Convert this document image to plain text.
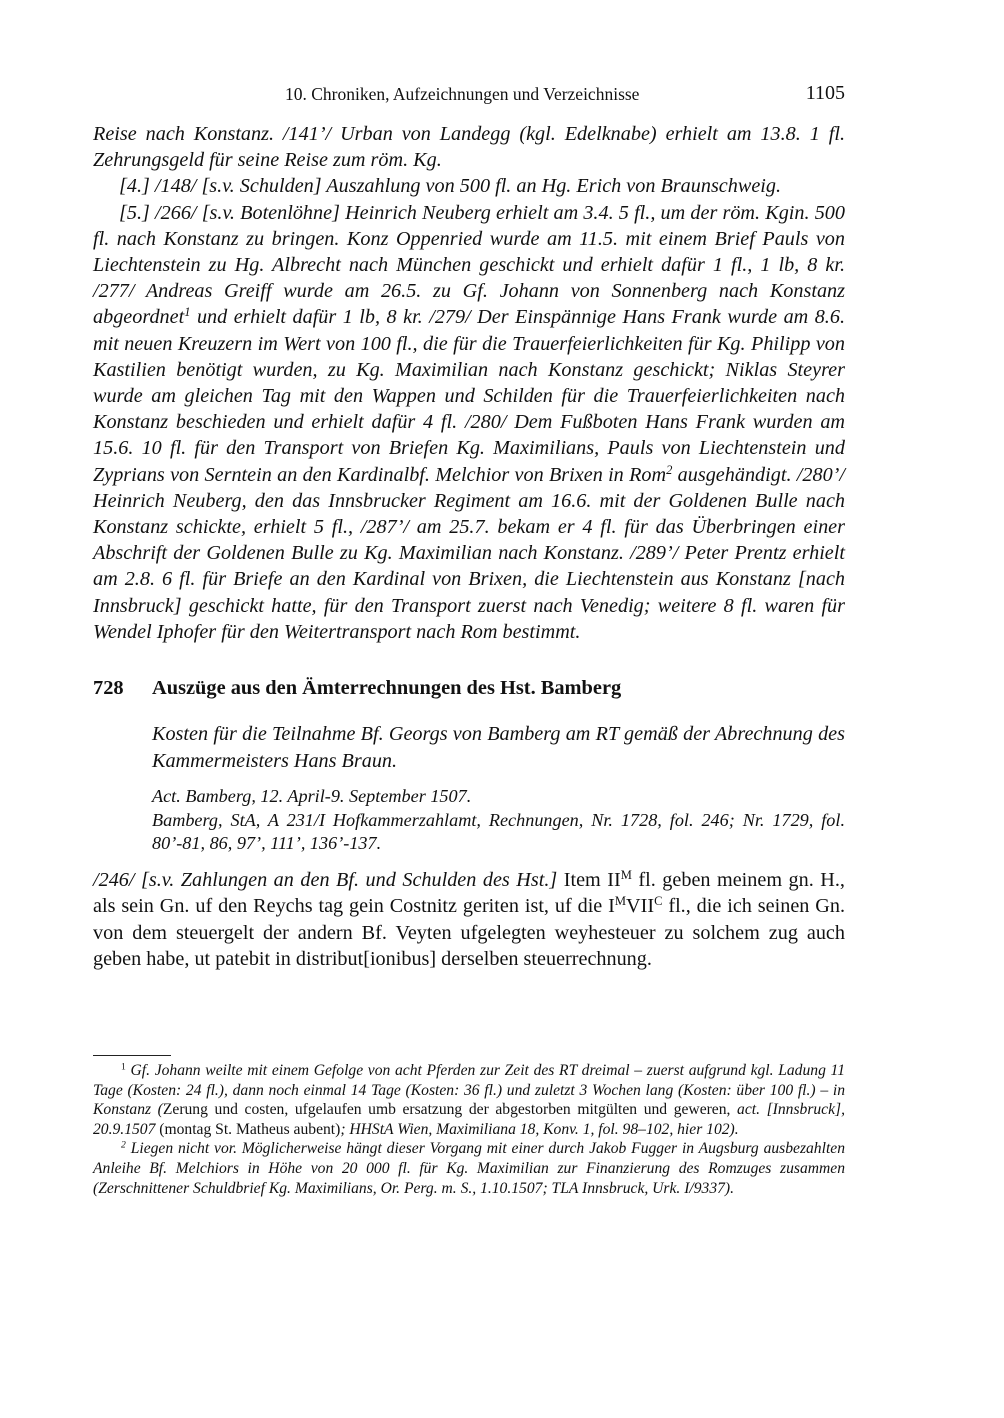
10. Chroniken, Aufzeichnungen und Verzeichnisse	1105

Reise nach Konstanz. /141’/ Urban von Landegg (kgl. Edelknabe) erhielt am 13.8. 1 fl. Zehrungsgeld für seine Reise zum röm. Kg.

[4.] /148/ [s.v. Schulden] Auszahlung von 500 fl. an Hg. Erich von Braunschweig.

[5.] /266/ [s.v. Botenlöhne] Heinrich Neuberg erhielt am 3.4. 5 fl., um der röm. Kgin. 500 fl. nach Konstanz zu bringen. Konz Oppenried wurde am 11.5. mit einem Brief Pauls von Liechtenstein zu Hg. Albrecht nach München geschickt und erhielt dafür 1 fl., 1 lb, 8 kr. /277/ Andreas Greiff wurde am 26.5. zu Gf. Johann von Sonnenberg nach Konstanz abgeordnet$^1$ und erhielt dafür 1 lb, 8 kr. /279/ Der Einspännige Hans Frank wurde am 8.6. mit neuen Kreuzern im Wert von 100 fl., die für die Trauerfeierlichkeiten für Kg. Philipp von Kastilien benötigt wurden, zu Kg. Maximilian nach Konstanz geschickt; Niklas Steyrer wurde am gleichen Tag mit den Wappen und Schilden für die Trauerfeierlichkeiten nach Konstanz beschieden und erhielt dafür 4 fl. /280/ Dem Fußboten Hans Frank wurden am 15.6. 10 fl. für den Transport von Briefen Kg. Maximilians, Pauls von Liechtenstein und Zyprians von Serntein an den Kardinalbf. Melchior von Brixen in Rom$^2$ ausgehändigt. /280’/ Heinrich Neuberg, den das Innsbrucker Regiment am 16.6. mit der Goldenen Bulle nach Konstanz schickte, erhielt 5 fl., /287’/ am 25.7. bekam er 4 fl. für das Überbringen einer Abschrift der Goldenen Bulle zu Kg. Maximilian nach Konstanz. /289’/ Peter Prentz erhielt am 2.8. 6 fl. für Briefe an den Kardinal von Brixen, die Liechtenstein aus Konstanz [nach Innsbruck] geschickt hatte, für den Transport zuerst nach Venedig; weitere 8 fl. waren für Wendel Iphofer für den Weitertransport nach Rom bestimmt.

728 Auszüge aus den Ämterrechnungen des Hst. Bamberg

Kosten für die Teilnahme Bf. Georgs von Bamberg am RT gemäß der Abrechnung des Kammermeisters Hans Braun.

Act. Bamberg, 12. April-9. September 1507.

Bamberg, StA, A 231/I Hofkammerzahlamt, Rechnungen, Nr. 1728, fol. 246; Nr. 1729, fol. 80’-81, 86, 97’, 111’, 136’-137.

/246/ [s.v. Zahlungen an den Bf. und Schulden des Hst.] Item $II^M$ fl. geben meinem gn. H., als sein Gn. uf den Reychs tag gein Costnitz geriten ist, uf die $I^MVII^C$ fl., die ich seinen Gn. von dem steuergelt der andern Bf. Veyten ufgelegten weyhesteuer zu solchem zug auch geben habe, ut patebit in distribut[ionibus] derselben steuerrechnung.

$^1$ Gf. Johann weilte mit einem Gefolge von acht Pferden zur Zeit des RT dreimal – zuerst aufgrund kgl. Ladung 11 Tage (Kosten: 24 fl.), dann noch einmal 14 Tage (Kosten: 36 fl.) und zuletzt 3 Wochen lang (Kosten: über 100 fl.) – in Konstanz (Zerung und costen, ufgelaufen umb ersatzung der abgestorben mitgülten und geweren, act. [Innsbruck], 20.9.1507 (montag St. Matheus aubent); HHStA Wien, Maximiliana 18, Konv. 1, fol. 98–102, hier 102).

$^2$ Liegen nicht vor. Möglicherweise hängt dieser Vorgang mit einer durch Jakob Fugger in Augsburg ausbezahlten Anleihe Bf. Melchiors in Höhe von 20 000 fl. für Kg. Maximilian zur Finanzierung des Romzuges zusammen (Zerschnittener Schuldbrief Kg. Maximilians, Or. Perg. m. S., 1.10.1507; TLA Innsbruck, Urk. I/9337).
